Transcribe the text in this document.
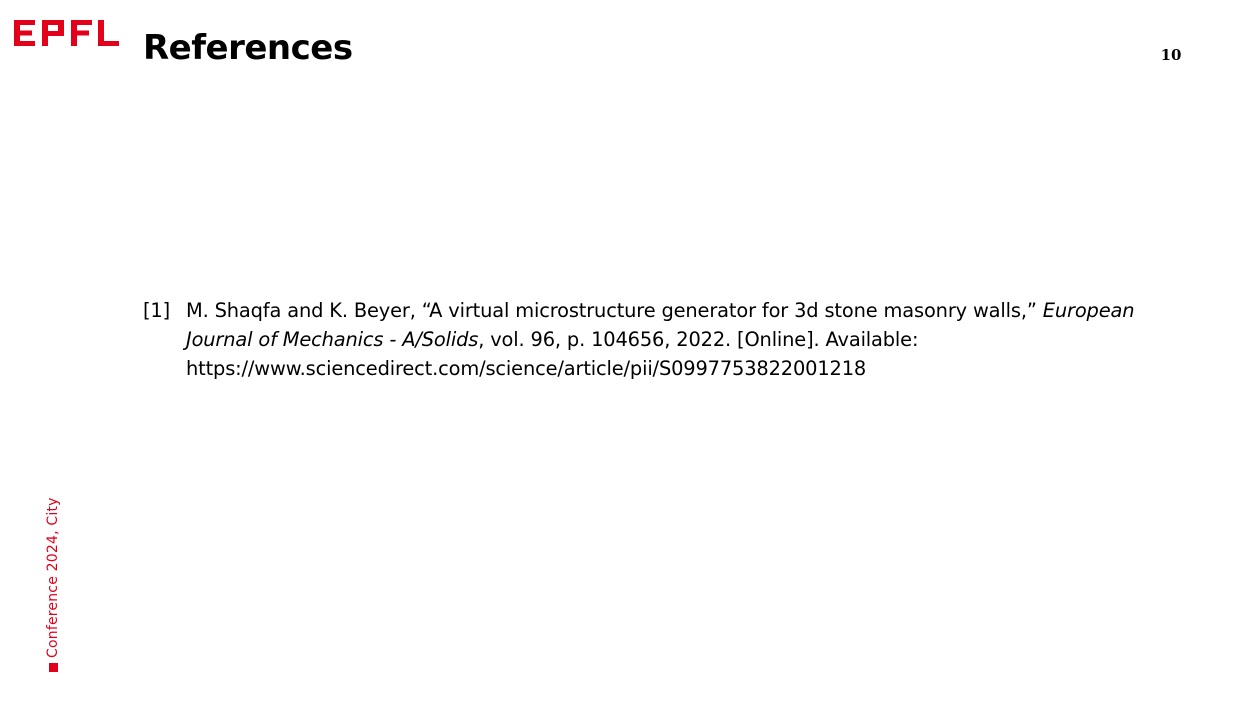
References	10
[1] M. Shaqfa and K. Beyer, “A virtual microstructure generator for 3d stone masonry walls,” European Journal of Mechanics - A/Solids, vol. 96, p. 104656, 2022. [Online]. Available:
https://www.sciencedirect.com/science/article/pii/S0997753822001218
Conference 2024, City
